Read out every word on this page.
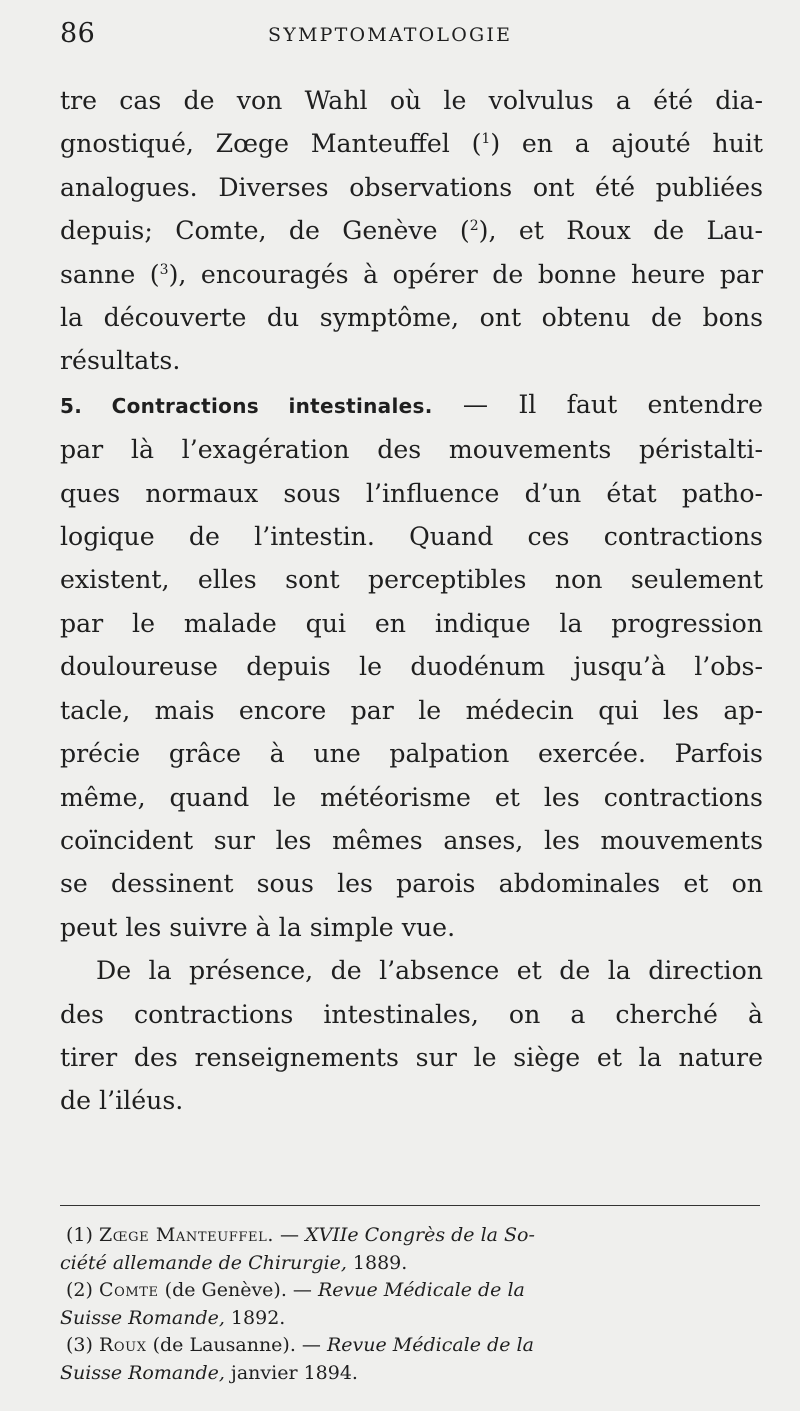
86	SYMPTOMATOLOGIE

tre cas de von Wahl où le volvulus a été dia-
gnostiqué, Zœge Manteuffel ($^1$) en a ajouté huit
analogues. Diverses observations ont été publiées
depuis; Comte, de Genève ($^2$), et Roux de Lau-
sanne ($^3$), encouragés à opérer de bonne heure par
la découverte du symptôme, ont obtenu de bons
résultats.

5. Contractions intestinales. — Il faut entendre
par là l’exagération des mouvements péristalti-
ques normaux sous l’influence d’un état patho-
logique de l’intestin. Quand ces contractions
existent, elles sont perceptibles non seulement
par le malade qui en indique la progression
douloureuse depuis le duodénum jusqu’à l’obs-
tacle, mais encore par le médecin qui les ap-
précie grâce à une palpation exercée. Parfois
même, quand le météorisme et les contractions
coïncident sur les mêmes anses, les mouvements
se dessinent sous les parois abdominales et on
peut les suivre à la simple vue.

De la présence, de l’absence et de la direction
des contractions intestinales, on a cherché à
tirer des renseignements sur le siège et la nature
de l’iléus.

(1) Zœge Manteuffel. — XVIIe Congrès de la So-
ciété allemande de Chirurgie, 1889.
(2) Comte (de Genève). — Revue Médicale de la
Suisse Romande, 1892.
(3) Roux (de Lausanne). — Revue Médicale de la
Suisse Romande, janvier 1894.
